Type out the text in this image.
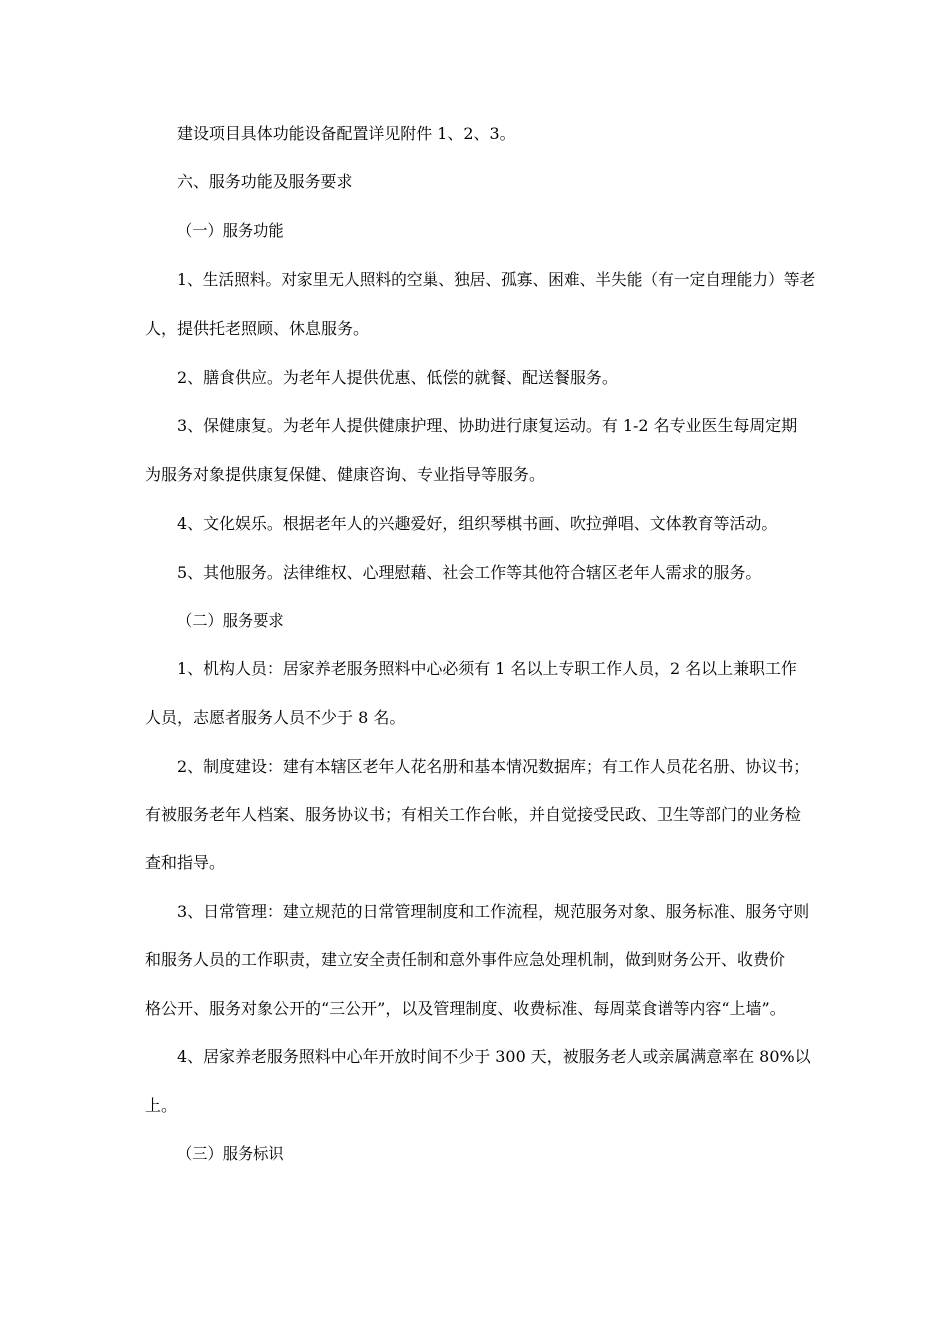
建设项目具体功能设备配置详见附件 1、2、3。
六、服务功能及服务要求
（一）服务功能
1、生活照料。对家里无人照料的空巢、独居、孤寡、困难、半失能（有一定自理能力）等老
人，提供托老照顾、休息服务。
2、膳食供应。为老年人提供优惠、低偿的就餐、配送餐服务。
3、保健康复。为老年人提供健康护理、协助进行康复运动。有 1-2 名专业医生每周定期
为服务对象提供康复保健、健康咨询、专业指导等服务。
4、文化娱乐。根据老年人的兴趣爱好，组织琴棋书画、吹拉弹唱、文体教育等活动。
5、其他服务。法律维权、心理慰藉、社会工作等其他符合辖区老年人需求的服务。
（二）服务要求
1、机构人员：居家养老服务照料中心必须有 1 名以上专职工作人员，2 名以上兼职工作
人员，志愿者服务人员不少于 8 名。
2、制度建设：建有本辖区老年人花名册和基本情况数据库；有工作人员花名册、协议书；
有被服务老年人档案、服务协议书；有相关工作台帐，并自觉接受民政、卫生等部门的业务检
查和指导。
3、日常管理：建立规范的日常管理制度和工作流程，规范服务对象、服务标准、服务守则
和服务人员的工作职责，建立安全责任制和意外事件应急处理机制，做到财务公开、收费价
格公开、服务对象公开的“三公开”，以及管理制度、收费标准、每周菜食谱等内容“上墙”。
4、居家养老服务照料中心年开放时间不少于 300 天，被服务老人或亲属满意率在 80%以
上。
（三）服务标识
